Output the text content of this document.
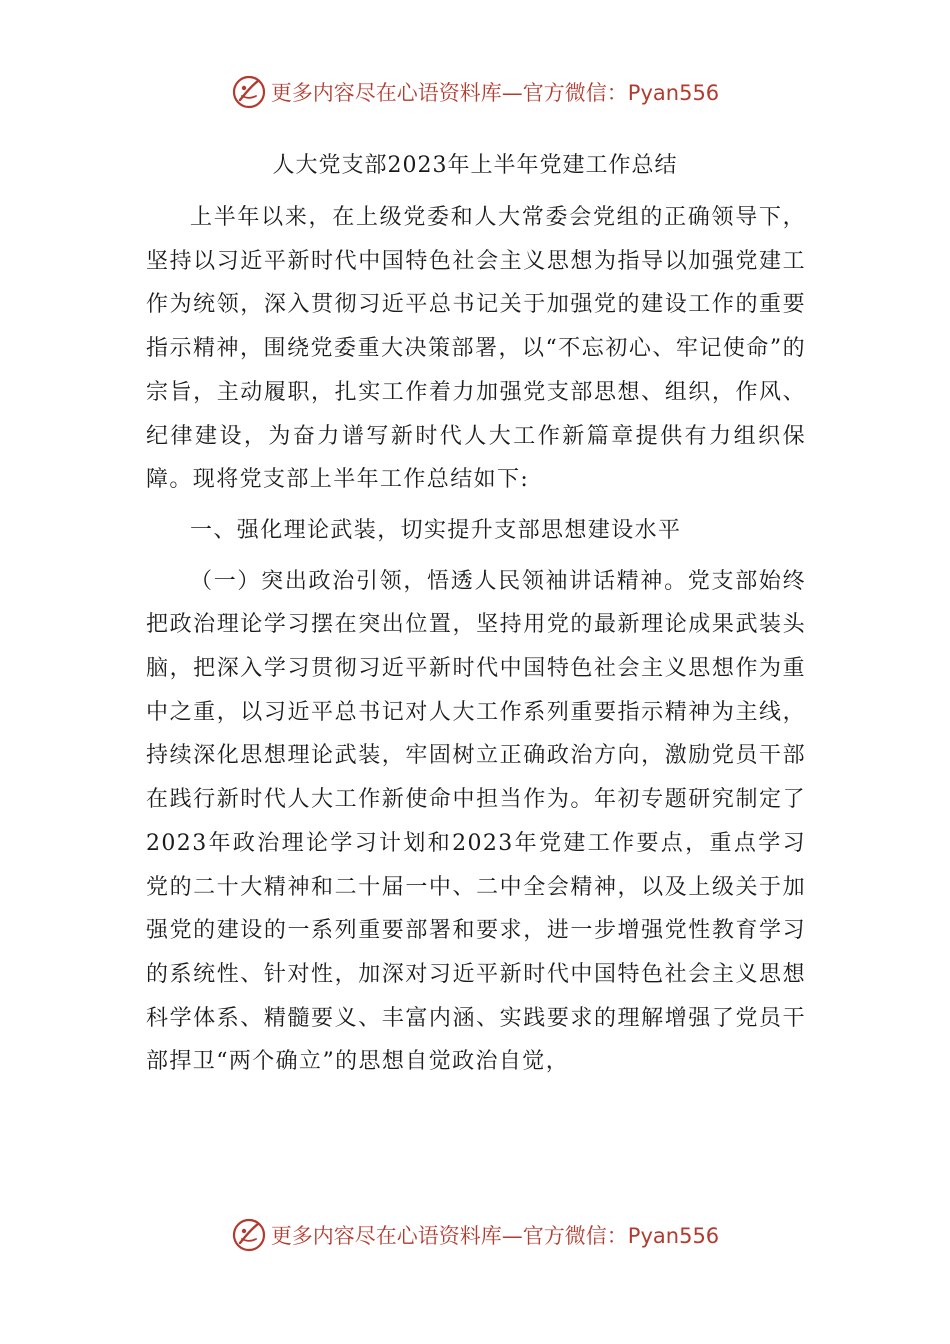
更多内容尽在心语资料库—官方微信：Pyan556
人大党支部2023年上半年党建工作总结

上半年以来，在上级党委和人大常委会党组的正确领导下，坚持以习近平新时代中国特色社会主义思想为指导以加强党建工作为统领，深入贯彻习近平总书记关于加强党的建设工作的重要指示精神，围绕党委重大决策部署，以“不忘初心、牢记使命”的宗旨，主动履职，扎实工作着力加强党支部思想、组织，作风、纪律建设，为奋力谱写新时代人大工作新篇章提供有力组织保障。现将党支部上半年工作总结如下:

一、强化理论武装，切实提升支部思想建设水平

（一）突出政治引领，悟透人民领袖讲话精神。党支部始终把政治理论学习摆在突出位置，坚持用党的最新理论成果武装头脑，把深入学习贯彻习近平新时代中国特色社会主义思想作为重中之重，以习近平总书记对人大工作系列重要指示精神为主线，持续深化思想理论武装，牢固树立正确政治方向，激励党员干部在践行新时代人大工作新使命中担当作为。年初专题研究制定了2023年政治理论学习计划和2023年党建工作要点，重点学习党的二十大精神和二十届一中、二中全会精神，以及上级关于加强党的建设的一系列重要部署和要求，进一步增强党性教育学习的系统性、针对性，加深对习近平新时代中国特色社会主义思想科学体系、精髓要义、丰富内涵、实践要求的理解增强了党员干部捍卫“两个确立”的思想自觉政治自觉，

更多内容尽在心语资料库—官方微信：Pyan556
